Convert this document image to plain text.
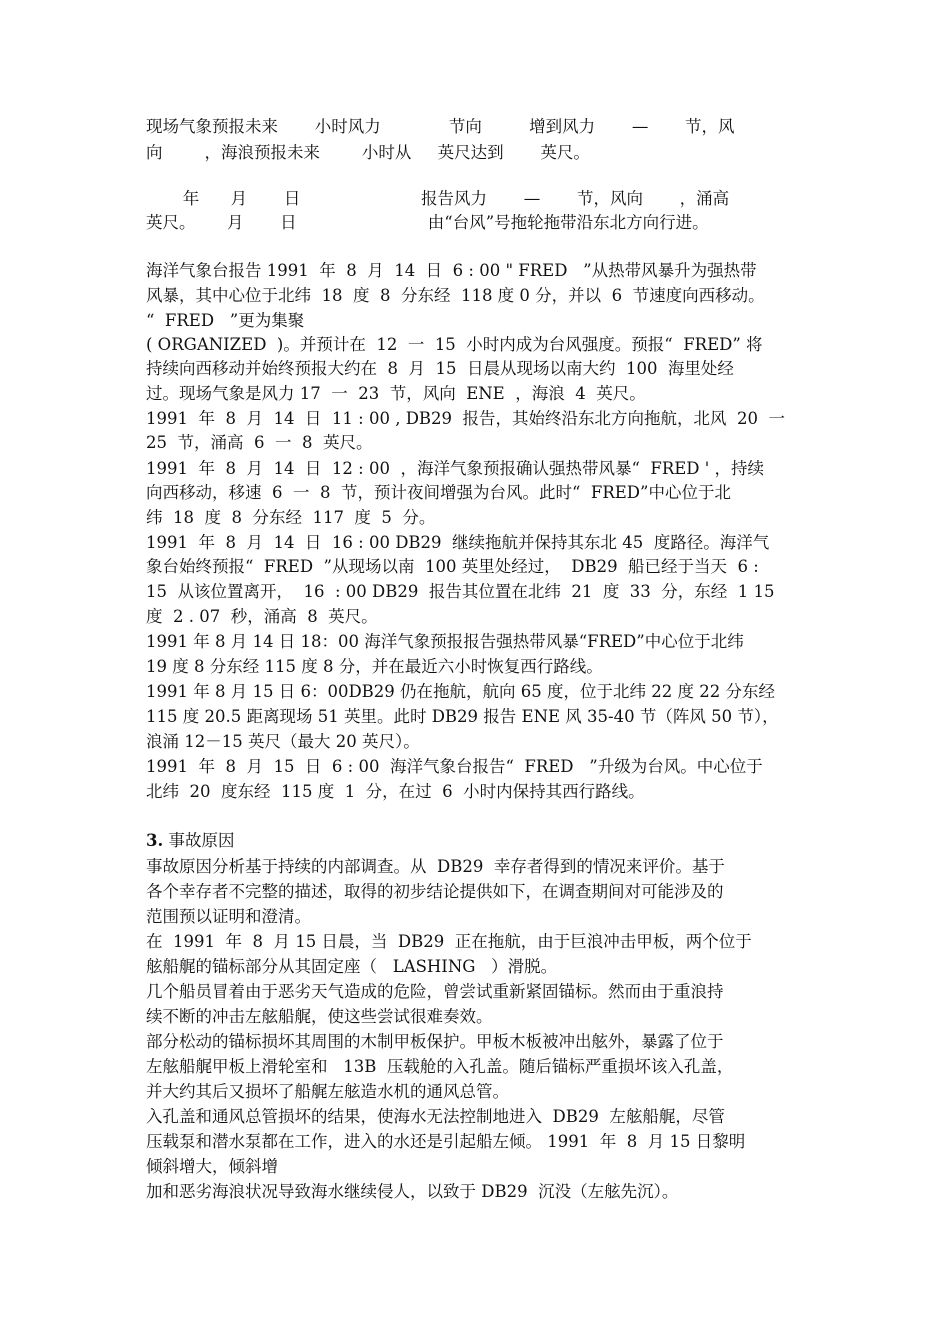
现场气象预报未来       小时风力             节向         增到风力       —       节，风
向        ，海浪预报未来        小时从     英尺达到       英尺。
年      月       日                       报告风力       —       节，风向       ，涌高
英尺。      月       日                         由“台风”号拖轮拖带沿东北方向行进。
海洋气象台报告 1991  年  8  月  14  日  6 : 00 " FRED   ”从热带风暴升为强热带
风暴，其中心位于北纬  18  度  8  分东经  118 度 0 分，并以  6  节速度向西移动。
“  FRED   ”更为集聚
( ORGANIZED  )。并预计在  12  一  15  小时内成为台风强度。预报“  FRED” 将
持续向西移动并始终预报大约在  8  月  15  日晨从现场以南大约  100  海里处经
过。现场气象是风力 17  一  23  节，风向  ENE  ，海浪  4  英尺。
1991  年  8  月  14  日  11 : 00 , DB29  报告，其始终沿东北方向拖航，北风  20  一
25  节，涌高  6  一  8  英尺。
1991  年  8  月  14  日  12 : 00  ，海洋气象预报确认强热带风暴“  FRED ' ，持续
向西移动，移速  6  一  8  节，预计夜间增强为台风。此时“  FRED”中心位于北
纬  18  度  8  分东经  117  度  5  分。
1991  年  8  月  14  日  16 : 00 DB29  继续拖航并保持其东北 45  度路径。海洋气
象台始终预报“  FRED  ”从现场以南  100 英里处经过，  DB29  船已经于当天  6 :
15  从该位置离开，  16  : 00 DB29  报告其位置在北纬  21  度  33  分，东经  1 15
度  2 . 07  秒，涌高  8  英尺。
1991 年 8 月 14 日 18：00 海洋气象预报报告强热带风暴“FRED”中心位于北纬
19 度 8 分东经 115 度 8 分，并在最近六小时恢复西行路线。
1991 年 8 月 15 日 6：00DB29 仍在拖航，航向 65 度，位于北纬 22 度 22 分东经
115 度 20.5 距离现场 51 英里。此时 DB29 报告 ENE 风 35-40 节（阵风 50 节），
浪涌 12－15 英尺（最大 20 英尺）。
1991  年  8  月  15  日  6 : 00  海洋气象台报告“  FRED   ”升级为台风。中心位于
北纬  20  度东经  115 度  1  分，在过  6  小时内保持其西行路线。
3. 事故原因
事故原因分析基于持续的内部调查。从  DB29  幸存者得到的情况来评价。基于
各个幸存者不完整的描述，取得的初步结论提供如下，在调查期间对可能涉及的
范围预以证明和澄清。
在  1991  年  8  月 15 日晨，当  DB29  正在拖航，由于巨浪冲击甲板，两个位于
舷船艉的锚标部分从其固定座（   LASHING   ）滑脱。
几个船员冒着由于恶劣天气造成的危险，曾尝试重新紧固锚标。然而由于重浪持
续不断的冲击左舷船艉，使这些尝试很难奏效。
部分松动的锚标损坏其周围的木制甲板保护。甲板木板被冲出舷外，暴露了位于
左舷船艉甲板上滑轮室和   13B  压载舱的入孔盖。随后锚标严重损坏该入孔盖，
并大约其后又损坏了船艉左舷造水机的通风总管。
入孔盖和通风总管损坏的结果，使海水无法控制地进入  DB29  左舷船艉，尽管
压载泵和潜水泵都在工作，进入的水还是引起船左倾。 1991  年  8  月 15 日黎明
倾斜增大，倾斜增
加和恶劣海浪状况导致海水继续侵人，以致于 DB29  沉没（左舷先沉）。
